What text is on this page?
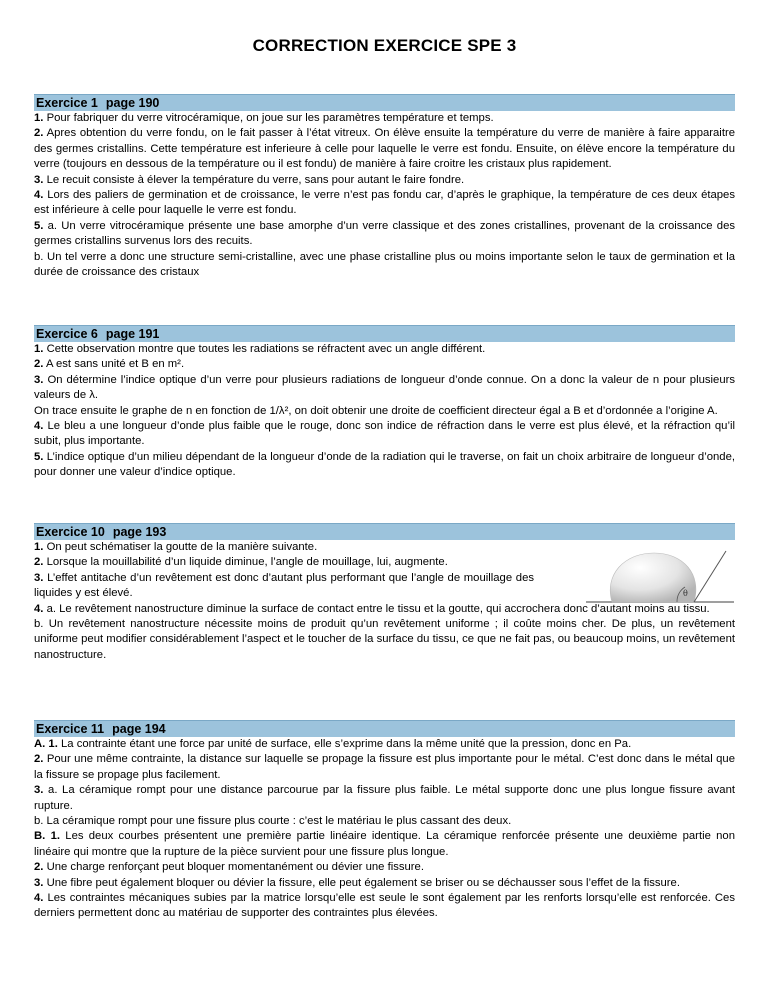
CORRECTION EXERCICE SPE 3
Exercice 1 page 190

1. Pour fabriquer du verre vitrocéramique, on joue sur les paramètres température et temps.

2. Apres obtention du verre fondu, on le fait passer à l’état vitreux. On élève ensuite la température du verre de manière à faire apparaitre des germes cristallins. Cette température est inferieure à celle pour laquelle le verre est fondu. Ensuite, on élève encore la température du verre (toujours en dessous de la température ou il est fondu) de manière à faire croitre les cristaux plus rapidement.

3. Le recuit consiste à élever la température du verre, sans pour autant le faire fondre.

4. Lors des paliers de germination et de croissance, le verre n’est pas fondu car, d’après le graphique, la température de ces deux étapes est inférieure à celle pour laquelle le verre est fondu.

5. a. Un verre vitrocéramique présente une base amorphe d’un verre classique et des zones cristallines, provenant de la croissance des germes cristallins survenus lors des recuits.

b. Un tel verre a donc une structure semi-cristalline, avec une phase cristalline plus ou moins importante selon le taux de germination et la durée de croissance des cristaux

Exercice 6 page 191

1. Cette observation montre que toutes les radiations se réfractent avec un angle différent.

2. A est sans unité et B en m².

3. On détermine l’indice optique d’un verre pour plusieurs radiations de longueur d’onde connue. On a donc la valeur de n pour plusieurs valeurs de λ.

On trace ensuite le graphe de n en fonction de 1/λ², on doit obtenir une droite de coefficient directeur égal a B et d’ordonnée a l’origine A.

4. Le bleu a une longueur d’onde plus faible que le rouge, donc son indice de réfraction dans le verre est plus élevé, et la réfraction qu’il subit, plus importante.

5. L’indice optique d’un milieu dépendant de la longueur d’onde de la radiation qui le traverse, on fait un choix arbitraire de longueur d’onde, pour donner une valeur d’indice optique.

Exercice 10 page 193

1. On peut schématiser la goutte de la manière suivante.

2. Lorsque la mouillabilité d’un liquide diminue, l’angle de mouillage, lui, augmente.

3. L’effet antitache d’un revêtement est donc d’autant plus performant que l’angle de mouillage des liquides y est élevé.

4. a. Le revêtement nanostructure diminue la surface de contact entre le tissu et la goutte, qui accrochera donc d’autant moins au tissu.

b. Un revêtement nanostructure nécessite moins de produit qu’un revêtement uniforme ; il coûte moins cher. De plus, un revêtement uniforme peut modifier considérablement l’aspect et le toucher de la surface du tissu, ce que ne fait pas, ou beaucoup moins, un revêtement nanostructure.

θ
Exercice 11 page 194

A. 1. La contrainte étant une force par unité de surface, elle s’exprime dans la même unité que la pression, donc en Pa.

2. Pour une même contrainte, la distance sur laquelle se propage la fissure est plus importante pour le métal. C’est donc dans le métal que la fissure se propage plus facilement.

3. a. La céramique rompt pour une distance parcourue par la fissure plus faible. Le métal supporte donc une plus longue fissure avant rupture.

b. La céramique rompt pour une fissure plus courte : c’est le matériau le plus cassant des deux.

B. 1. Les deux courbes présentent une première partie linéaire identique. La céramique renforcée présente une deuxième partie non linéaire qui montre que la rupture de la pièce survient pour une fissure plus longue.

2. Une charge renforçant peut bloquer momentanément ou dévier une fissure.

3. Une fibre peut également bloquer ou dévier la fissure, elle peut également se briser ou se déchausser sous l’effet de la fissure.

4. Les contraintes mécaniques subies par la matrice lorsqu’elle est seule le sont également par les renforts lorsqu’elle est renforcée. Ces derniers permettent donc au matériau de supporter des contraintes plus élevées.
